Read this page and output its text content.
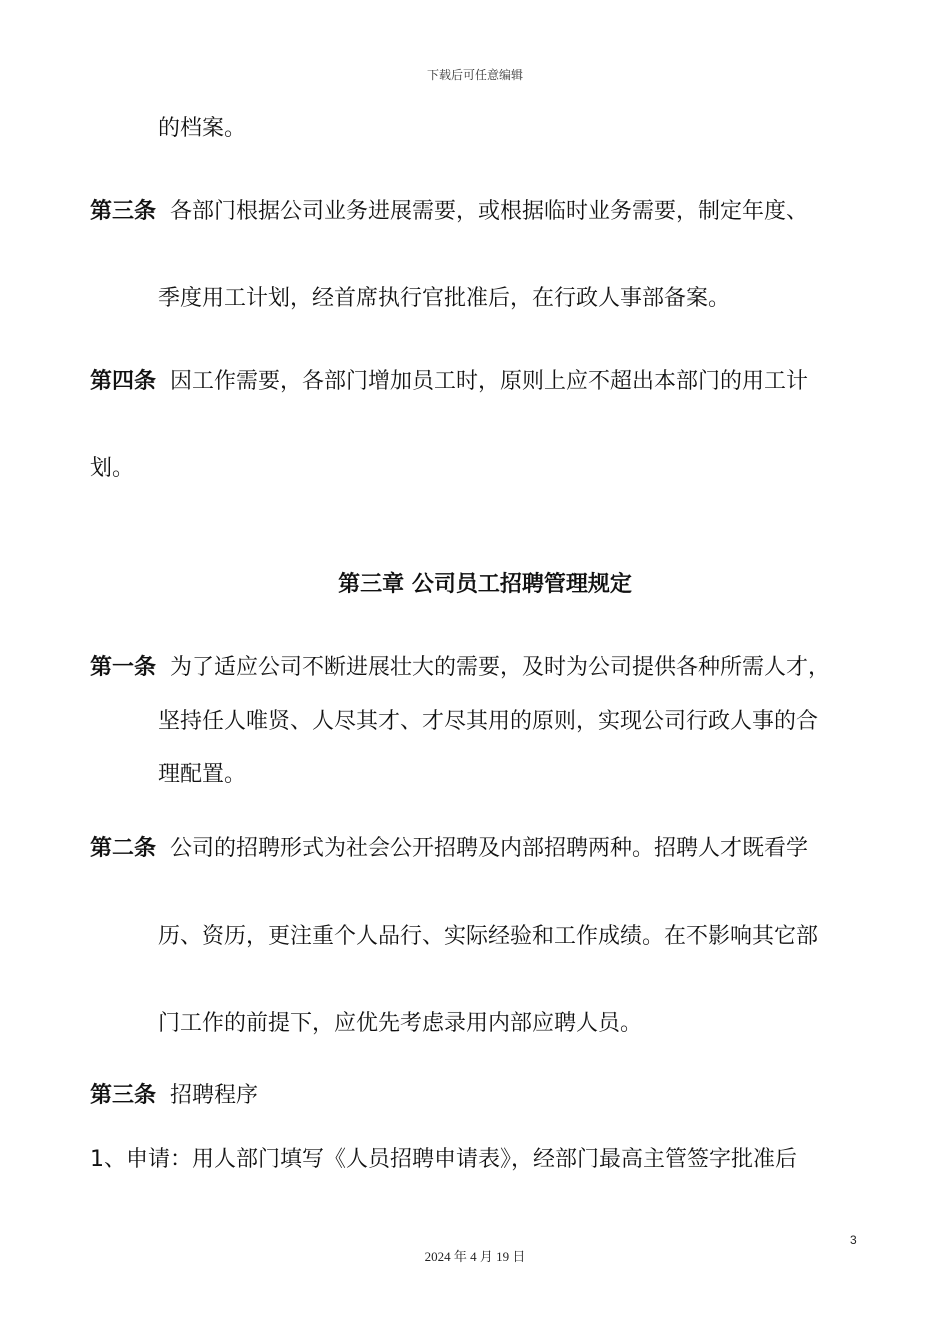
下载后可任意编辑
的档案。
第三条 各部门根据公司业务进展需要，或根据临时业务需要，制定年度、
季度用工计划，经首席执行官批准后，在行政人事部备案。
第四条 因工作需要，各部门增加员工时，原则上应不超出本部门的用工计
划。
第三章 公司员工招聘管理规定
第一条 为了适应公司不断进展壮大的需要，及时为公司提供各种所需人才，
坚持任人唯贤、人尽其才、才尽其用的原则，实现公司行政人事的合
理配置。
第二条 公司的招聘形式为社会公开招聘及内部招聘两种。招聘人才既看学
历、资历，更注重个人品行、实际经验和工作成绩。在不影响其它部
门工作的前提下，应优先考虑录用内部应聘人员。
第三条 招聘程序
1、申请：用人部门填写《人员招聘申请表》，经部门最高主管签字批准后
3
2024 年 4 月 19 日
